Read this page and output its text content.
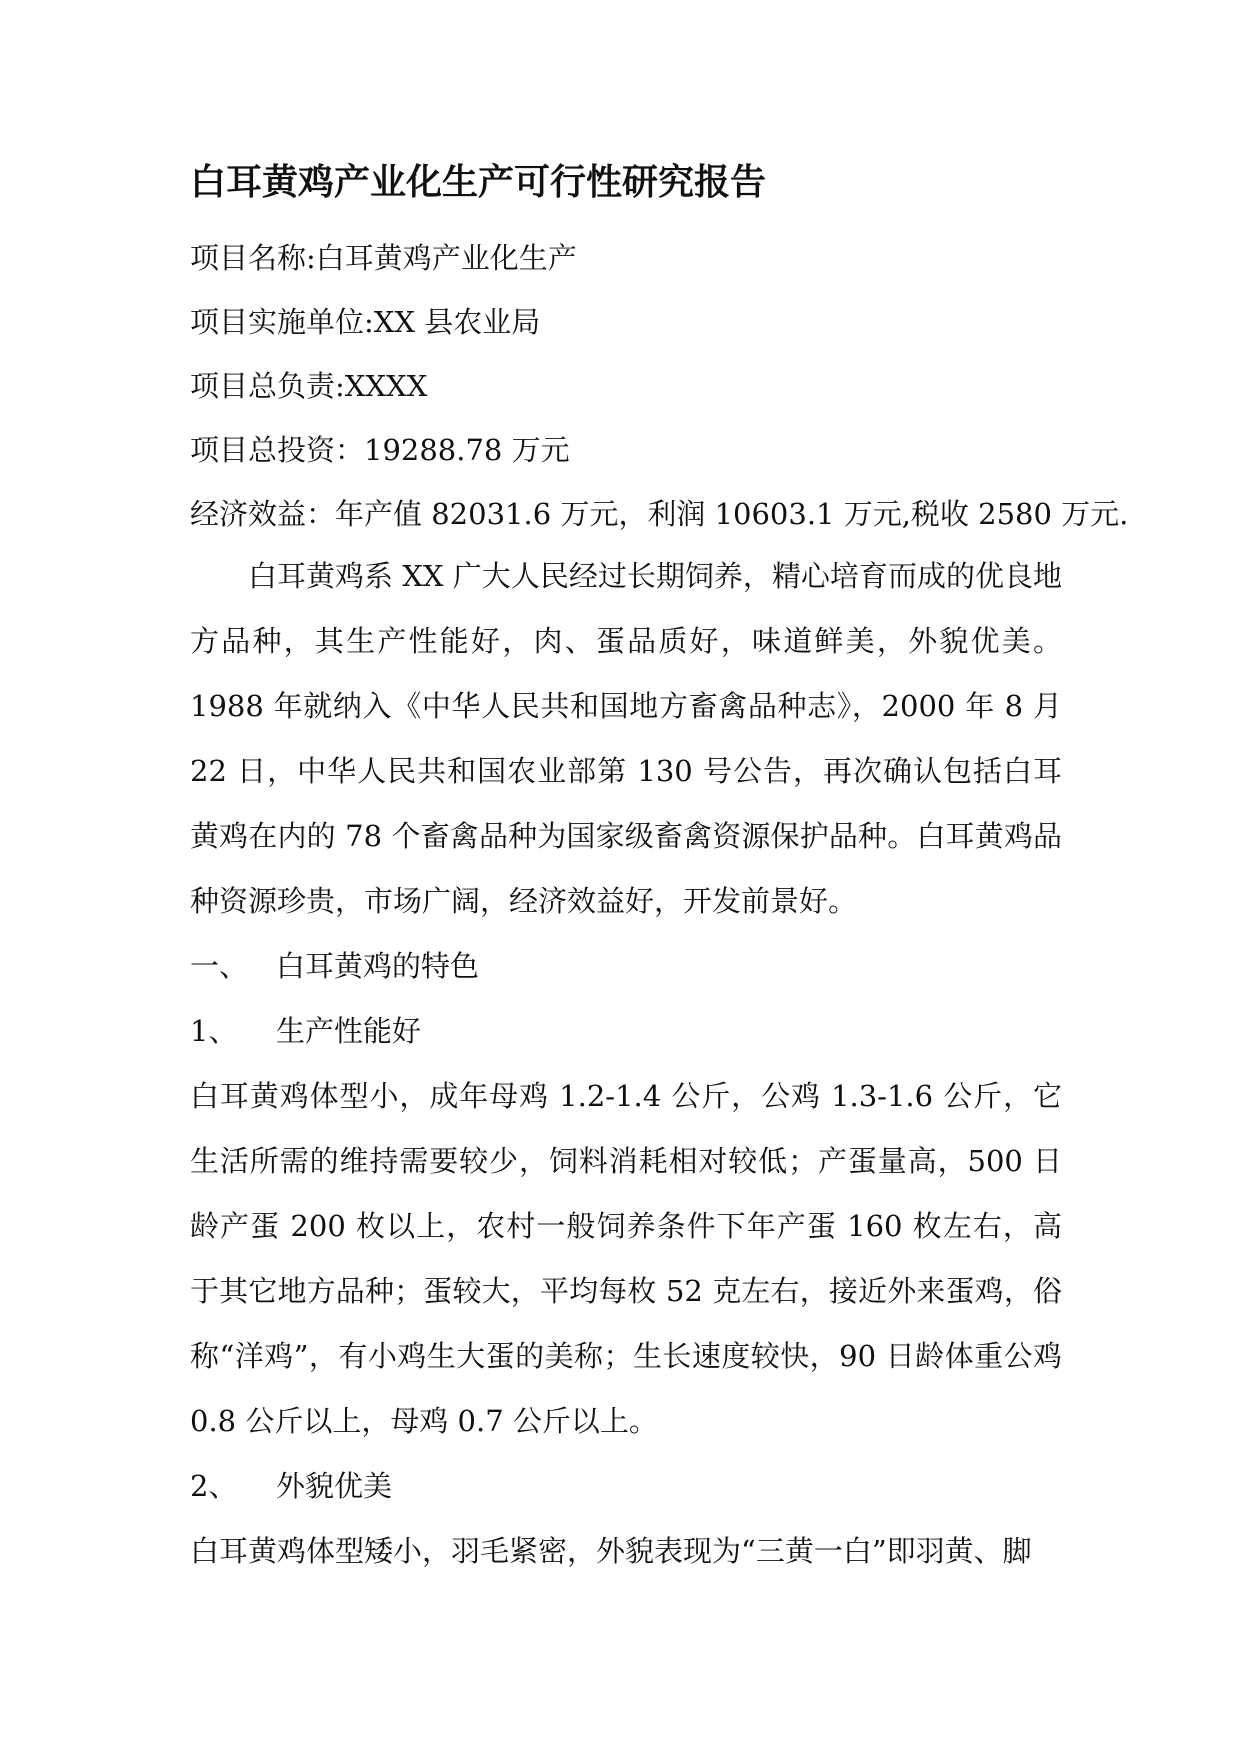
白耳黄鸡产业化生产可行性研究报告

项目名称:白耳黄鸡产业化生产

项目实施单位:XX 县农业局

项目总负责:XXXX

项目总投资：19288.78 万元

经济效益：年产值 82031.6 万元，利润 10603.1 万元,税收 2580 万元.

白耳黄鸡系 XX 广大人民经过长期饲养，精心培育而成的优良地方品种，其生产性能好，肉、蛋品质好，味道鲜美，外貌优美。1988 年就纳入《中华人民共和国地方畜禽品种志》，2000 年 8 月 22 日，中华人民共和国农业部第 130 号公告，再次确认包括白耳黄鸡在内的 78 个畜禽品种为国家级畜禽资源保护品种。白耳黄鸡品种资源珍贵，市场广阔，经济效益好，开发前景好。

一、 白耳黄鸡的特色

1、 生产性能好

白耳黄鸡体型小，成年母鸡 1.2-1.4 公斤，公鸡 1.3-1.6 公斤，它生活所需的维持需要较少，饲料消耗相对较低；产蛋量高，500 日龄产蛋 200 枚以上，农村一般饲养条件下年产蛋 160 枚左右，高于其它地方品种；蛋较大，平均每枚 52 克左右，接近外来蛋鸡，俗称“洋鸡”，有小鸡生大蛋的美称；生长速度较快，90 日龄体重公鸡 0.8 公斤以上，母鸡 0.7 公斤以上。

2、 外貌优美

白耳黄鸡体型矮小，羽毛紧密，外貌表现为“三黄一白”即羽黄、脚
